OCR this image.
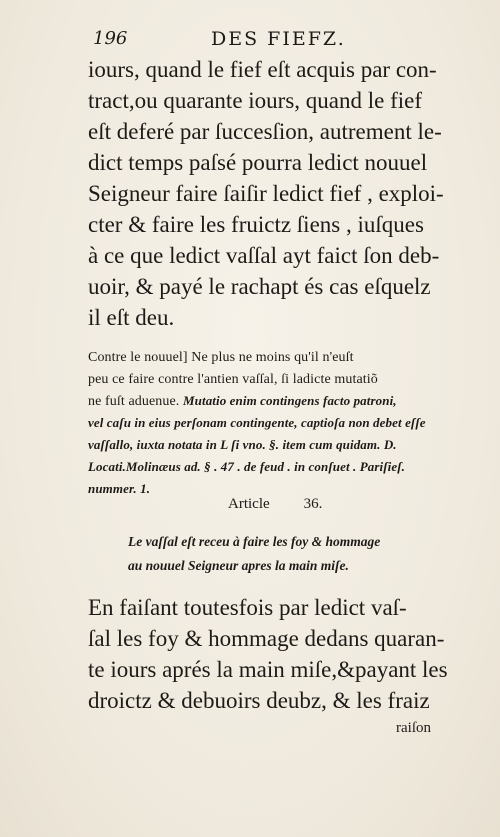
196	DES FIEFZ.
iours, quand le fief eſt acquis par con-
tract,ou quarante iours, quand le fief
eſt deferé par ſuccesſion, autrement le-
dict temps paſsé pourra ledict nouuel
Seigneur faire ſaiſir ledict fief , exploi-
cter & faire les fruictz ſiens , iuſques
à ce que ledict vaſſal ayt faict ſon deb-
uoir, & payé le rachapt és cas eſquelz
il eſt deu.
Contre le nouuel] Ne plus ne moins qu'il n'euſt
peu ce faire contre l'antien vaſſal, ſi ladicte mutatiõ
ne fuſt aduenue. Mutatio enim contingens facto patroni,
vel caſu in eius perſonam contingente, captioſa non debet eſſe
vaſſallo, iuxta notata in L ſi vno. §. item cum quidam. D.
Locati.Molinæus ad. § . 47 . de feud . in conſuet . Pariſieſ.
nummer. 1.
Article 36.
Le vaſſal eſt receu à faire les foy & hommage
au nouuel Seigneur apres la main miſe.
En faiſant toutesfois par ledict vaſ-
ſal les foy & hommage dedans quaran-
te iours aprés la main miſe,&payant les
droictz & debuoirs deubz, & les fraiz
raiſon
